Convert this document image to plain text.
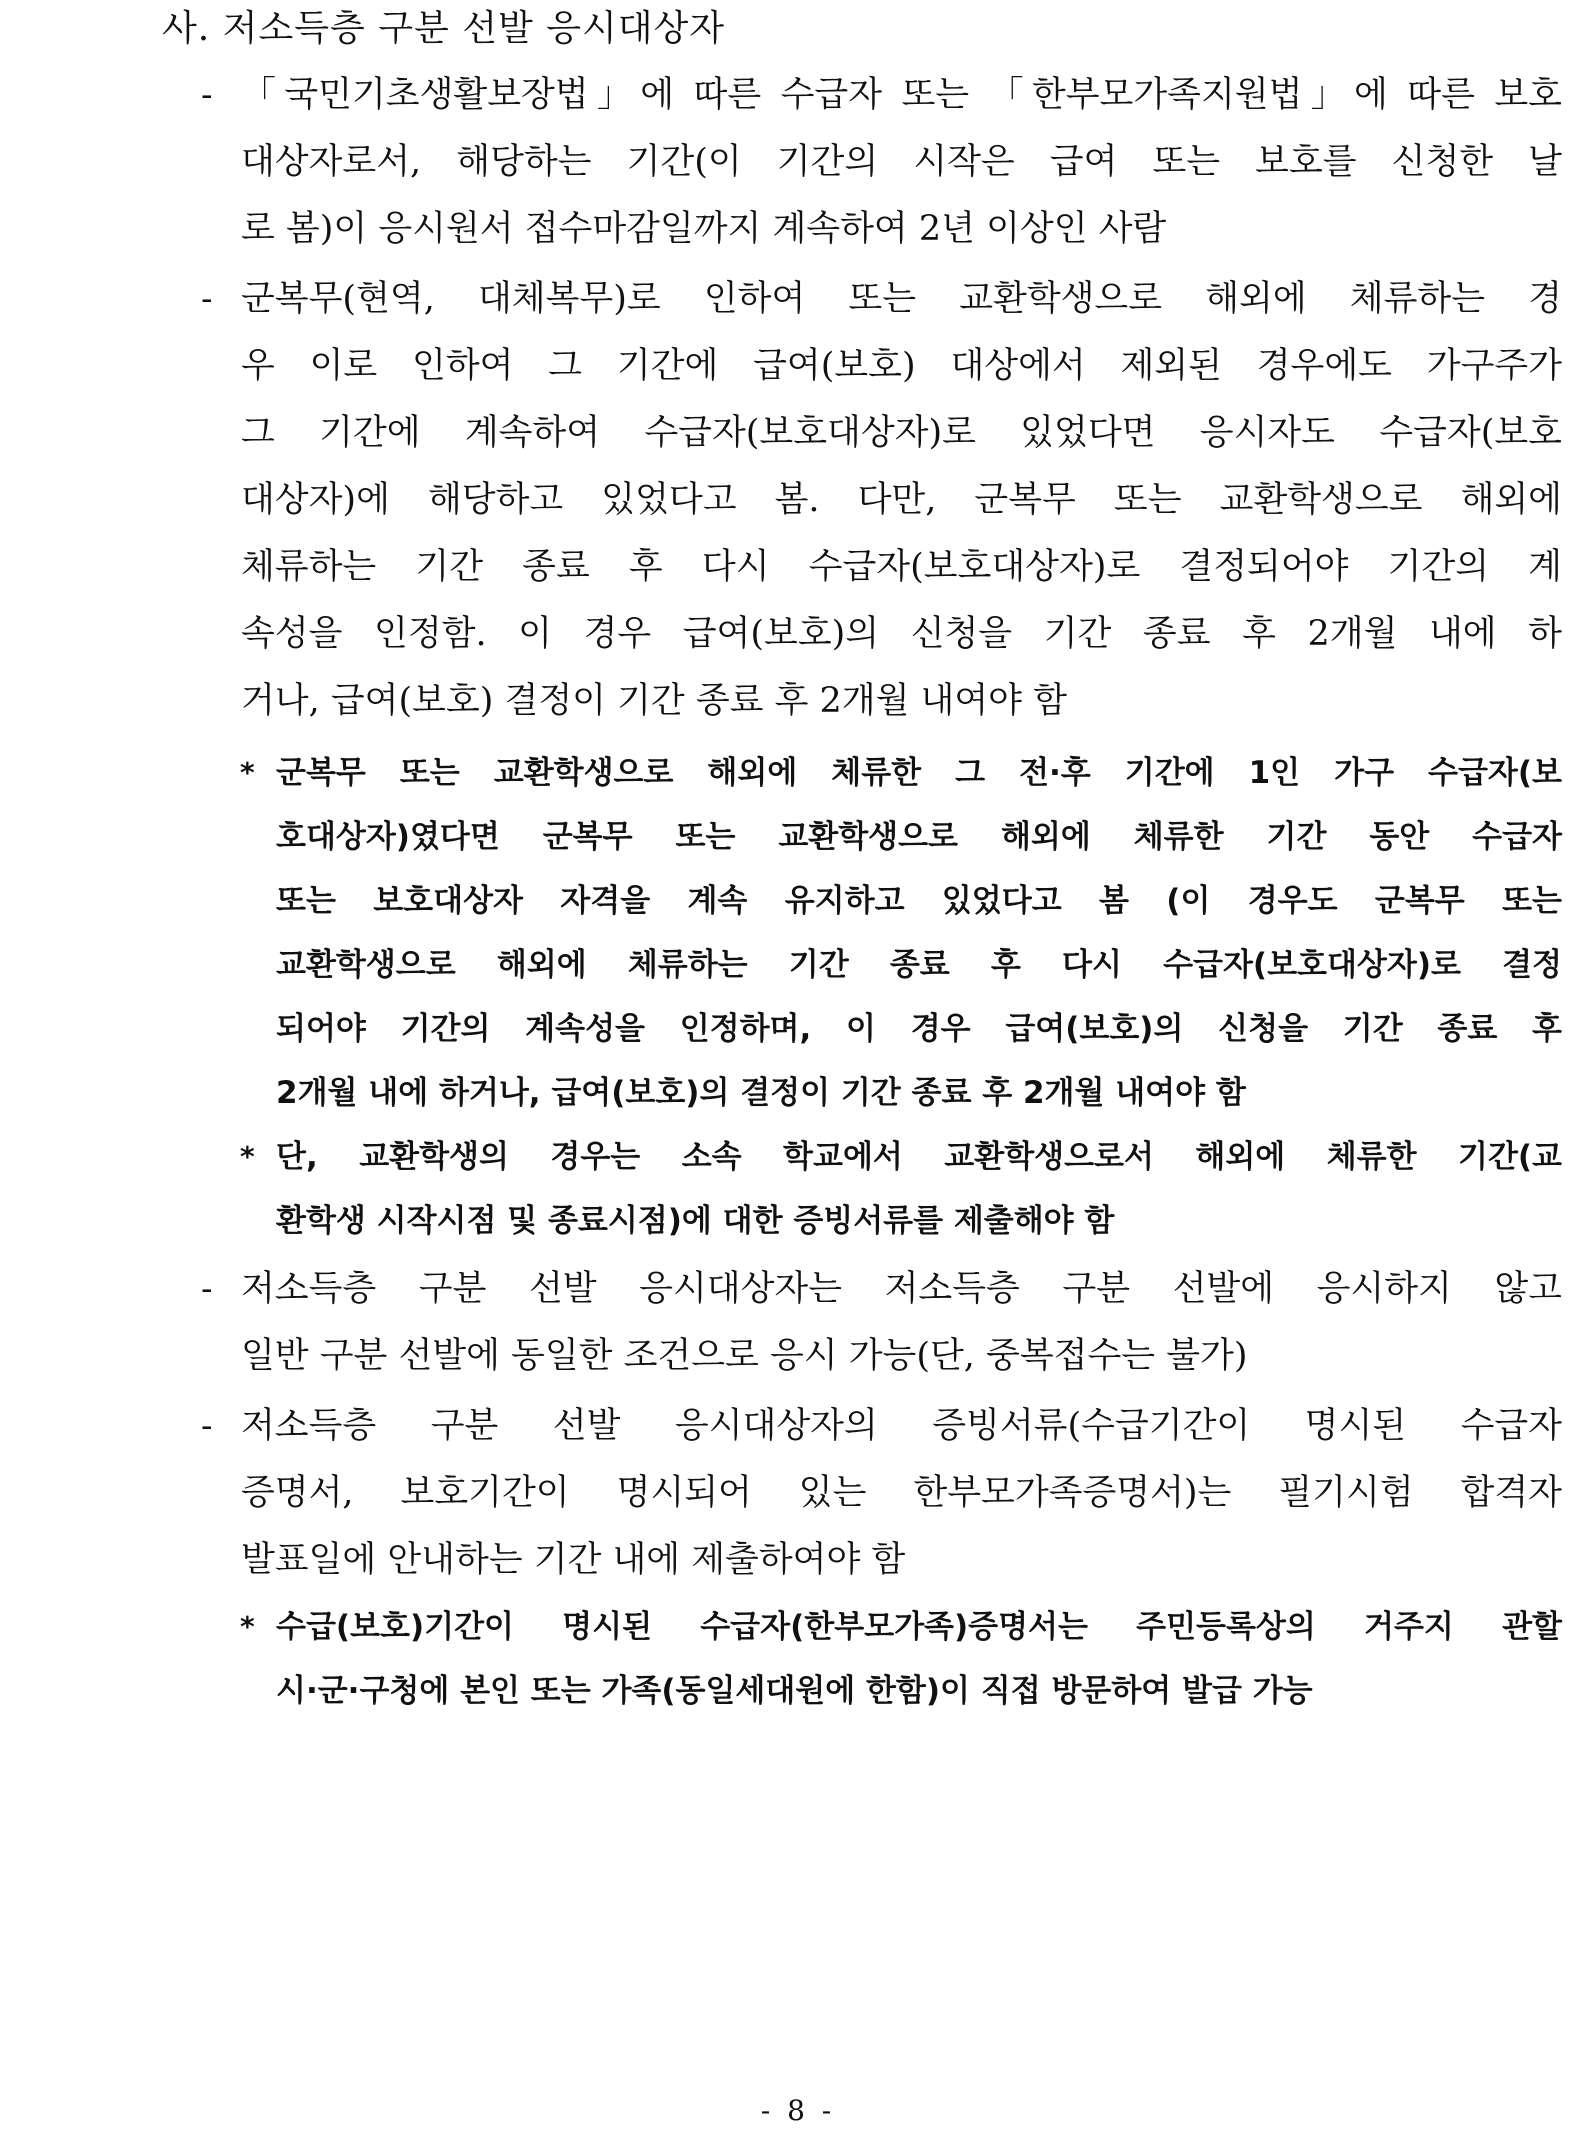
사. 저소득층 구분 선발 응시대상자
- 「국민기초생활보장법」에 따른 수급자 또는 「한부모가족지원법」에 따른 보호
대상자로서, 해당하는 기간(이 기간의 시작은 급여 또는 보호를 신청한 날
로 봄)이 응시원서 접수마감일까지 계속하여 2년 이상인 사람
- 군복무(현역, 대체복무)로 인하여 또는 교환학생으로 해외에 체류하는 경
우 이로 인하여 그 기간에 급여(보호) 대상에서 제외된 경우에도 가구주가
그 기간에 계속하여 수급자(보호대상자)로 있었다면 응시자도 수급자(보호
대상자)에 해당하고 있었다고 봄. 다만, 군복무 또는 교환학생으로 해외에
체류하는 기간 종료 후 다시 수급자(보호대상자)로 결정되어야 기간의 계
속성을 인정함. 이 경우 급여(보호)의 신청을 기간 종료 후 2개월 내에 하
거나, 급여(보호) 결정이 기간 종료 후 2개월 내여야 함
* 군복무 또는 교환학생으로 해외에 체류한 그 전·후 기간에 1인 가구 수급자(보
호대상자)였다면 군복무 또는 교환학생으로 해외에 체류한 기간 동안 수급자
또는 보호대상자 자격을 계속 유지하고 있었다고 봄 (이 경우도 군복무 또는
교환학생으로 해외에 체류하는 기간 종료 후 다시 수급자(보호대상자)로 결정
되어야 기간의 계속성을 인정하며, 이 경우 급여(보호)의 신청을 기간 종료 후
2개월 내에 하거나, 급여(보호)의 결정이 기간 종료 후 2개월 내여야 함
* 단, 교환학생의 경우는 소속 학교에서 교환학생으로서 해외에 체류한 기간(교
환학생 시작시점 및 종료시점)에 대한 증빙서류를 제출해야 함
- 저소득층 구분 선발 응시대상자는 저소득층 구분 선발에 응시하지 않고
일반 구분 선발에 동일한 조건으로 응시 가능(단, 중복접수는 불가)
- 저소득층 구분 선발 응시대상자의 증빙서류(수급기간이 명시된 수급자
증명서, 보호기간이 명시되어 있는 한부모가족증명서)는 필기시험 합격자
발표일에 안내하는 기간 내에 제출하여야 함
* 수급(보호)기간이 명시된 수급자(한부모가족)증명서는 주민등록상의 거주지 관할
시·군·구청에 본인 또는 가족(동일세대원에 한함)이 직접 방문하여 발급 가능
- 8 -
